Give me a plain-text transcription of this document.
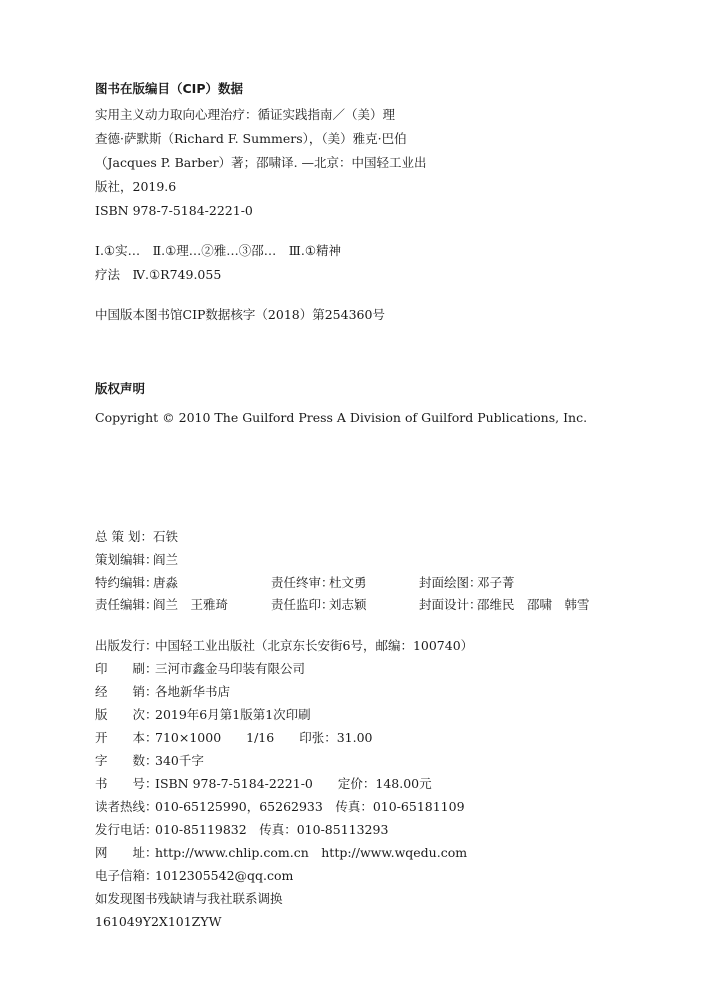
图书在版编目（CIP）数据
实用主义动力取向心理治疗：循证实践指南／（美）理
查德·萨默斯（Richard F. Summers），（美）雅克·巴伯
（Jacques P. Barber）著；邵啸译. —北京：中国轻工业出
版社，2019.6
ISBN 978-7-5184-2221-0
Ⅰ.①实…　Ⅱ.①理…②雅…③邵…　Ⅲ.①精神
疗法　Ⅳ.①R749.055
中国版本图书馆CIP数据核字（2018）第254360号
版权声明
Copyright © 2010 The Guilford Press A Division of Guilford Publications, Inc.
总 策 划：石铁
策划编辑：阎兰
特约编辑：唐淼	责任终审：杜文勇	封面绘图：邓子菁
责任编辑：阎兰　王雅琦	责任监印：刘志颖	封面设计：邵维民　邵啸　韩雪
出版发行：中国轻工业出版社（北京东长安街6号，邮编：100740）
印　　刷：三河市鑫金马印装有限公司
经　　销：各地新华书店
版　　次：2019年6月第1版第1次印刷
开　　本：710×1000　　1/16　　印张：31.00
字　　数：340千字
书　　号：ISBN 978-7-5184-2221-0　　定价：148.00元
读者热线：010-65125990，65262933　传真：010-65181109
发行电话：010-85119832　传真：010-85113293
网　　址：http://www.chlip.com.cn　http://www.wqedu.com
电子信箱：1012305542@qq.com
如发现图书残缺请与我社联系调换
161049Y2X101ZYW
